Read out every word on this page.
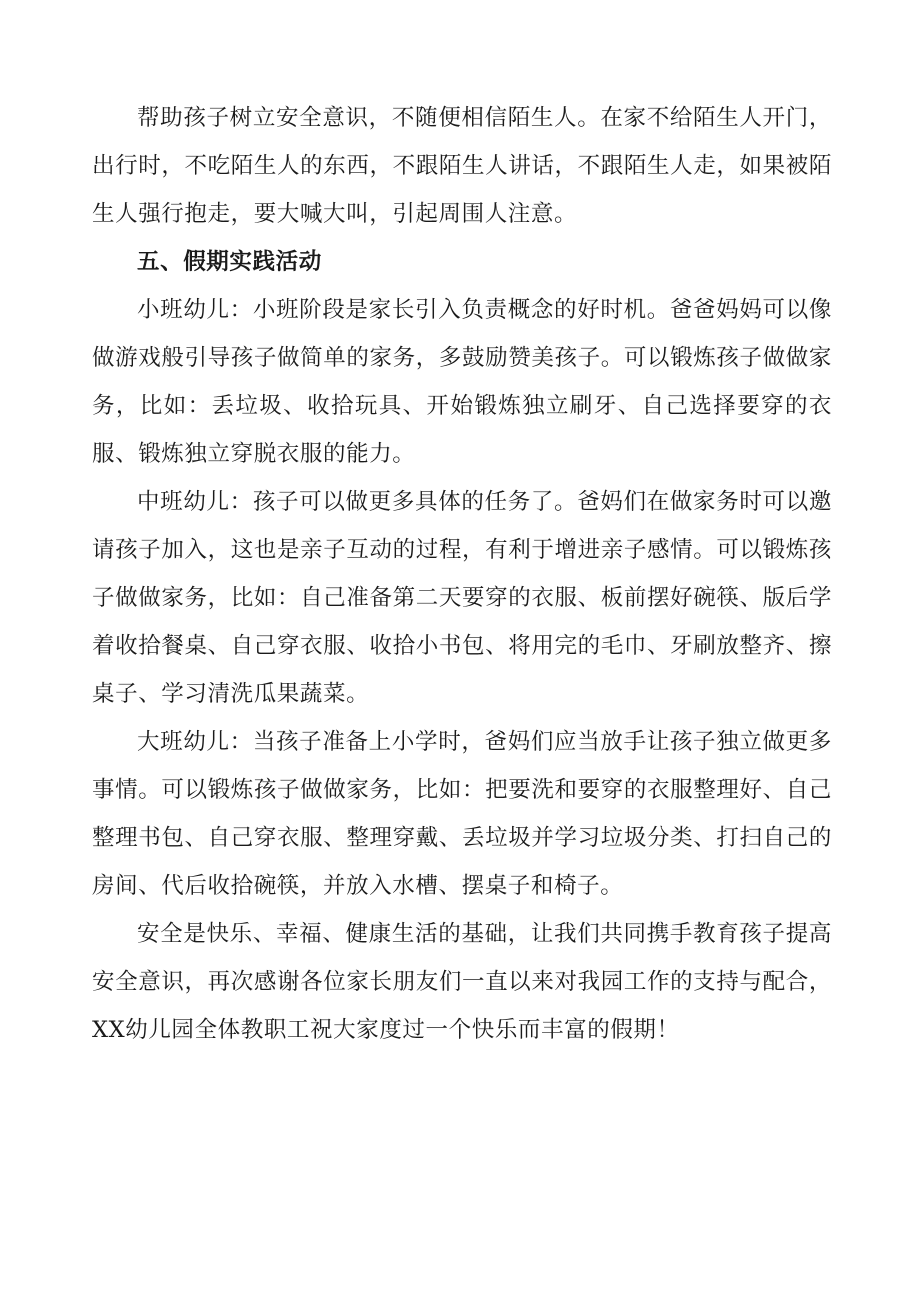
帮助孩子树立安全意识，不随便相信陌生人。在家不给陌生人开门，出行时，不吃陌生人的东西，不跟陌生人讲话，不跟陌生人走，如果被陌生人强行抱走，要大喊大叫，引起周围人注意。

五、假期实践活动

小班幼儿：小班阶段是家长引入负责概念的好时机。爸爸妈妈可以像做游戏般引导孩子做简单的家务，多鼓励赞美孩子。可以锻炼孩子做做家务，比如：丢垃圾、收拾玩具、开始锻炼独立刷牙、自己选择要穿的衣服、锻炼独立穿脱衣服的能力。

中班幼儿：孩子可以做更多具体的任务了。爸妈们在做家务时可以邀请孩子加入，这也是亲子互动的过程，有利于增进亲子感情。可以锻炼孩子做做家务，比如：自己准备第二天要穿的衣服、板前摆好碗筷、版后学着收拾餐桌、自己穿衣服、收拾小书包、将用完的毛巾、牙刷放整齐、擦桌子、学习清洗瓜果蔬菜。

大班幼儿：当孩子准备上小学时，爸妈们应当放手让孩子独立做更多事情。可以锻炼孩子做做家务，比如：把要洗和要穿的衣服整理好、自己整理书包、自己穿衣服、整理穿戴、丢垃圾并学习垃圾分类、打扫自己的房间、代后收拾碗筷，并放入水槽、摆桌子和椅子。

安全是快乐、幸福、健康生活的基础，让我们共同携手教育孩子提高安全意识，再次感谢各位家长朋友们一直以来对我园工作的支持与配合，XX幼儿园全体教职工祝大家度过一个快乐而丰富的假期！
